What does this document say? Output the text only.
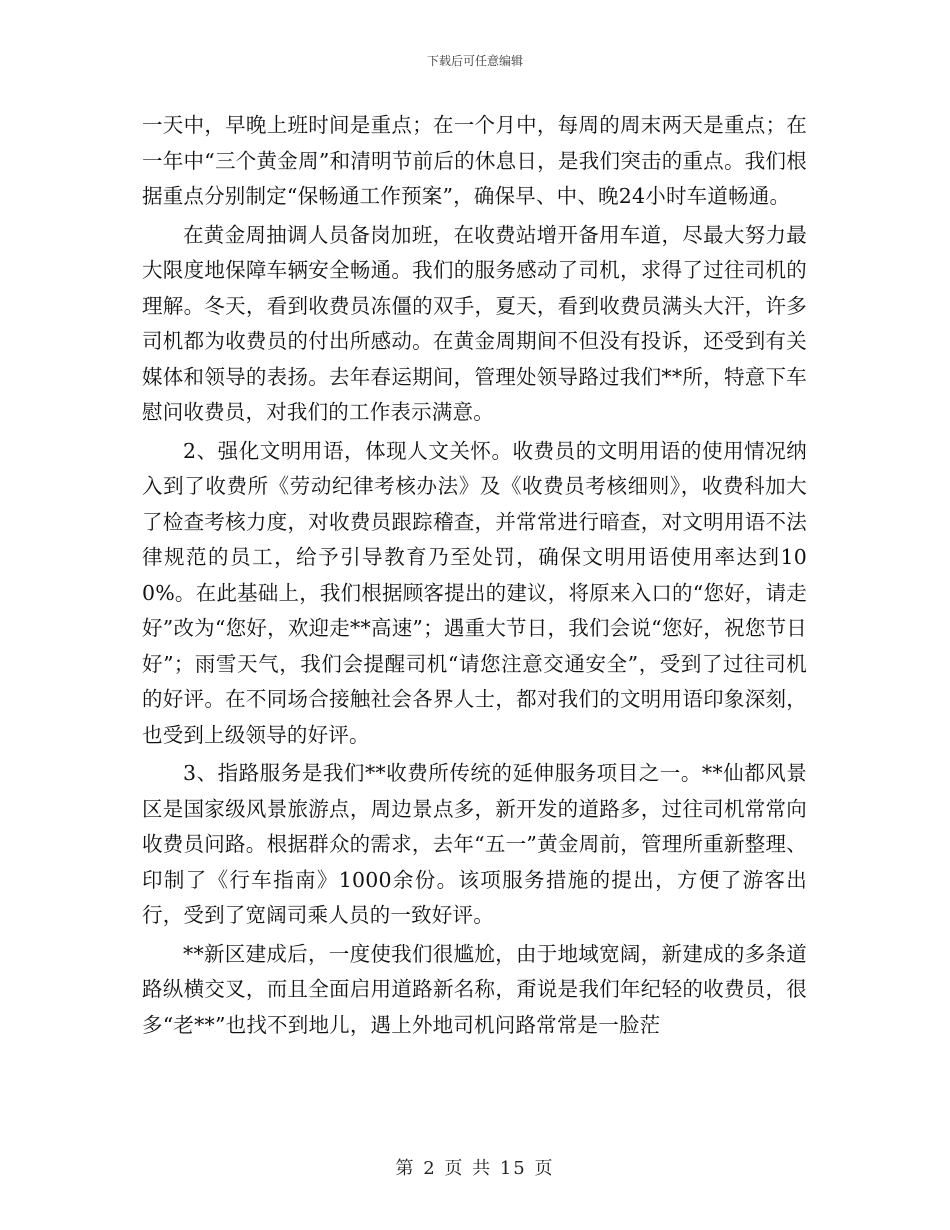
下载后可任意编辑

一天中，早晚上班时间是重点；在一个月中，每周的周末两天是重点；在一年中“三个黄金周”和清明节前后的休息日，是我们突击的重点。我们根据重点分别制定“保畅通工作预案”，确保早、中、晚24小时车道畅通。

在黄金周抽调人员备岗加班，在收费站增开备用车道，尽最大努力最大限度地保障车辆安全畅通。我们的服务感动了司机，求得了过往司机的理解。冬天，看到收费员冻僵的双手，夏天，看到收费员满头大汗，许多司机都为收费员的付出所感动。在黄金周期间不但没有投诉，还受到有关媒体和领导的表扬。去年春运期间，管理处领导路过我们**所，特意下车慰问收费员，对我们的工作表示满意。

2、强化文明用语，体现人文关怀。收费员的文明用语的使用情况纳入到了收费所《劳动纪律考核办法》及《收费员考核细则》，收费科加大了检查考核力度，对收费员跟踪稽查，并常常进行暗查，对文明用语不法律规范的员工，给予引导教育乃至处罚，确保文明用语使用率达到100%。在此基础上，我们根据顾客提出的建议，将原来入口的“您好，请走好”改为“您好，欢迎走**高速”；遇重大节日，我们会说“您好，祝您节日好”；雨雪天气，我们会提醒司机“请您注意交通安全”，受到了过往司机的好评。在不同场合接触社会各界人士，都对我们的文明用语印象深刻，也受到上级领导的好评。

3、指路服务是我们**收费所传统的延伸服务项目之一。**仙都风景区是国家级风景旅游点，周边景点多，新开发的道路多，过往司机常常向收费员问路。根据群众的需求，去年“五一”黄金周前，管理所重新整理、印制了《行车指南》1000余份。该项服务措施的提出，方便了游客出行，受到了宽阔司乘人员的一致好评。

**新区建成后，一度使我们很尴尬，由于地域宽阔，新建成的多条道路纵横交叉，而且全面启用道路新名称，甭说是我们年纪轻的收费员，很多“老**”也找不到地儿，遇上外地司机问路常常是一脸茫

第 2 页 共 15 页
